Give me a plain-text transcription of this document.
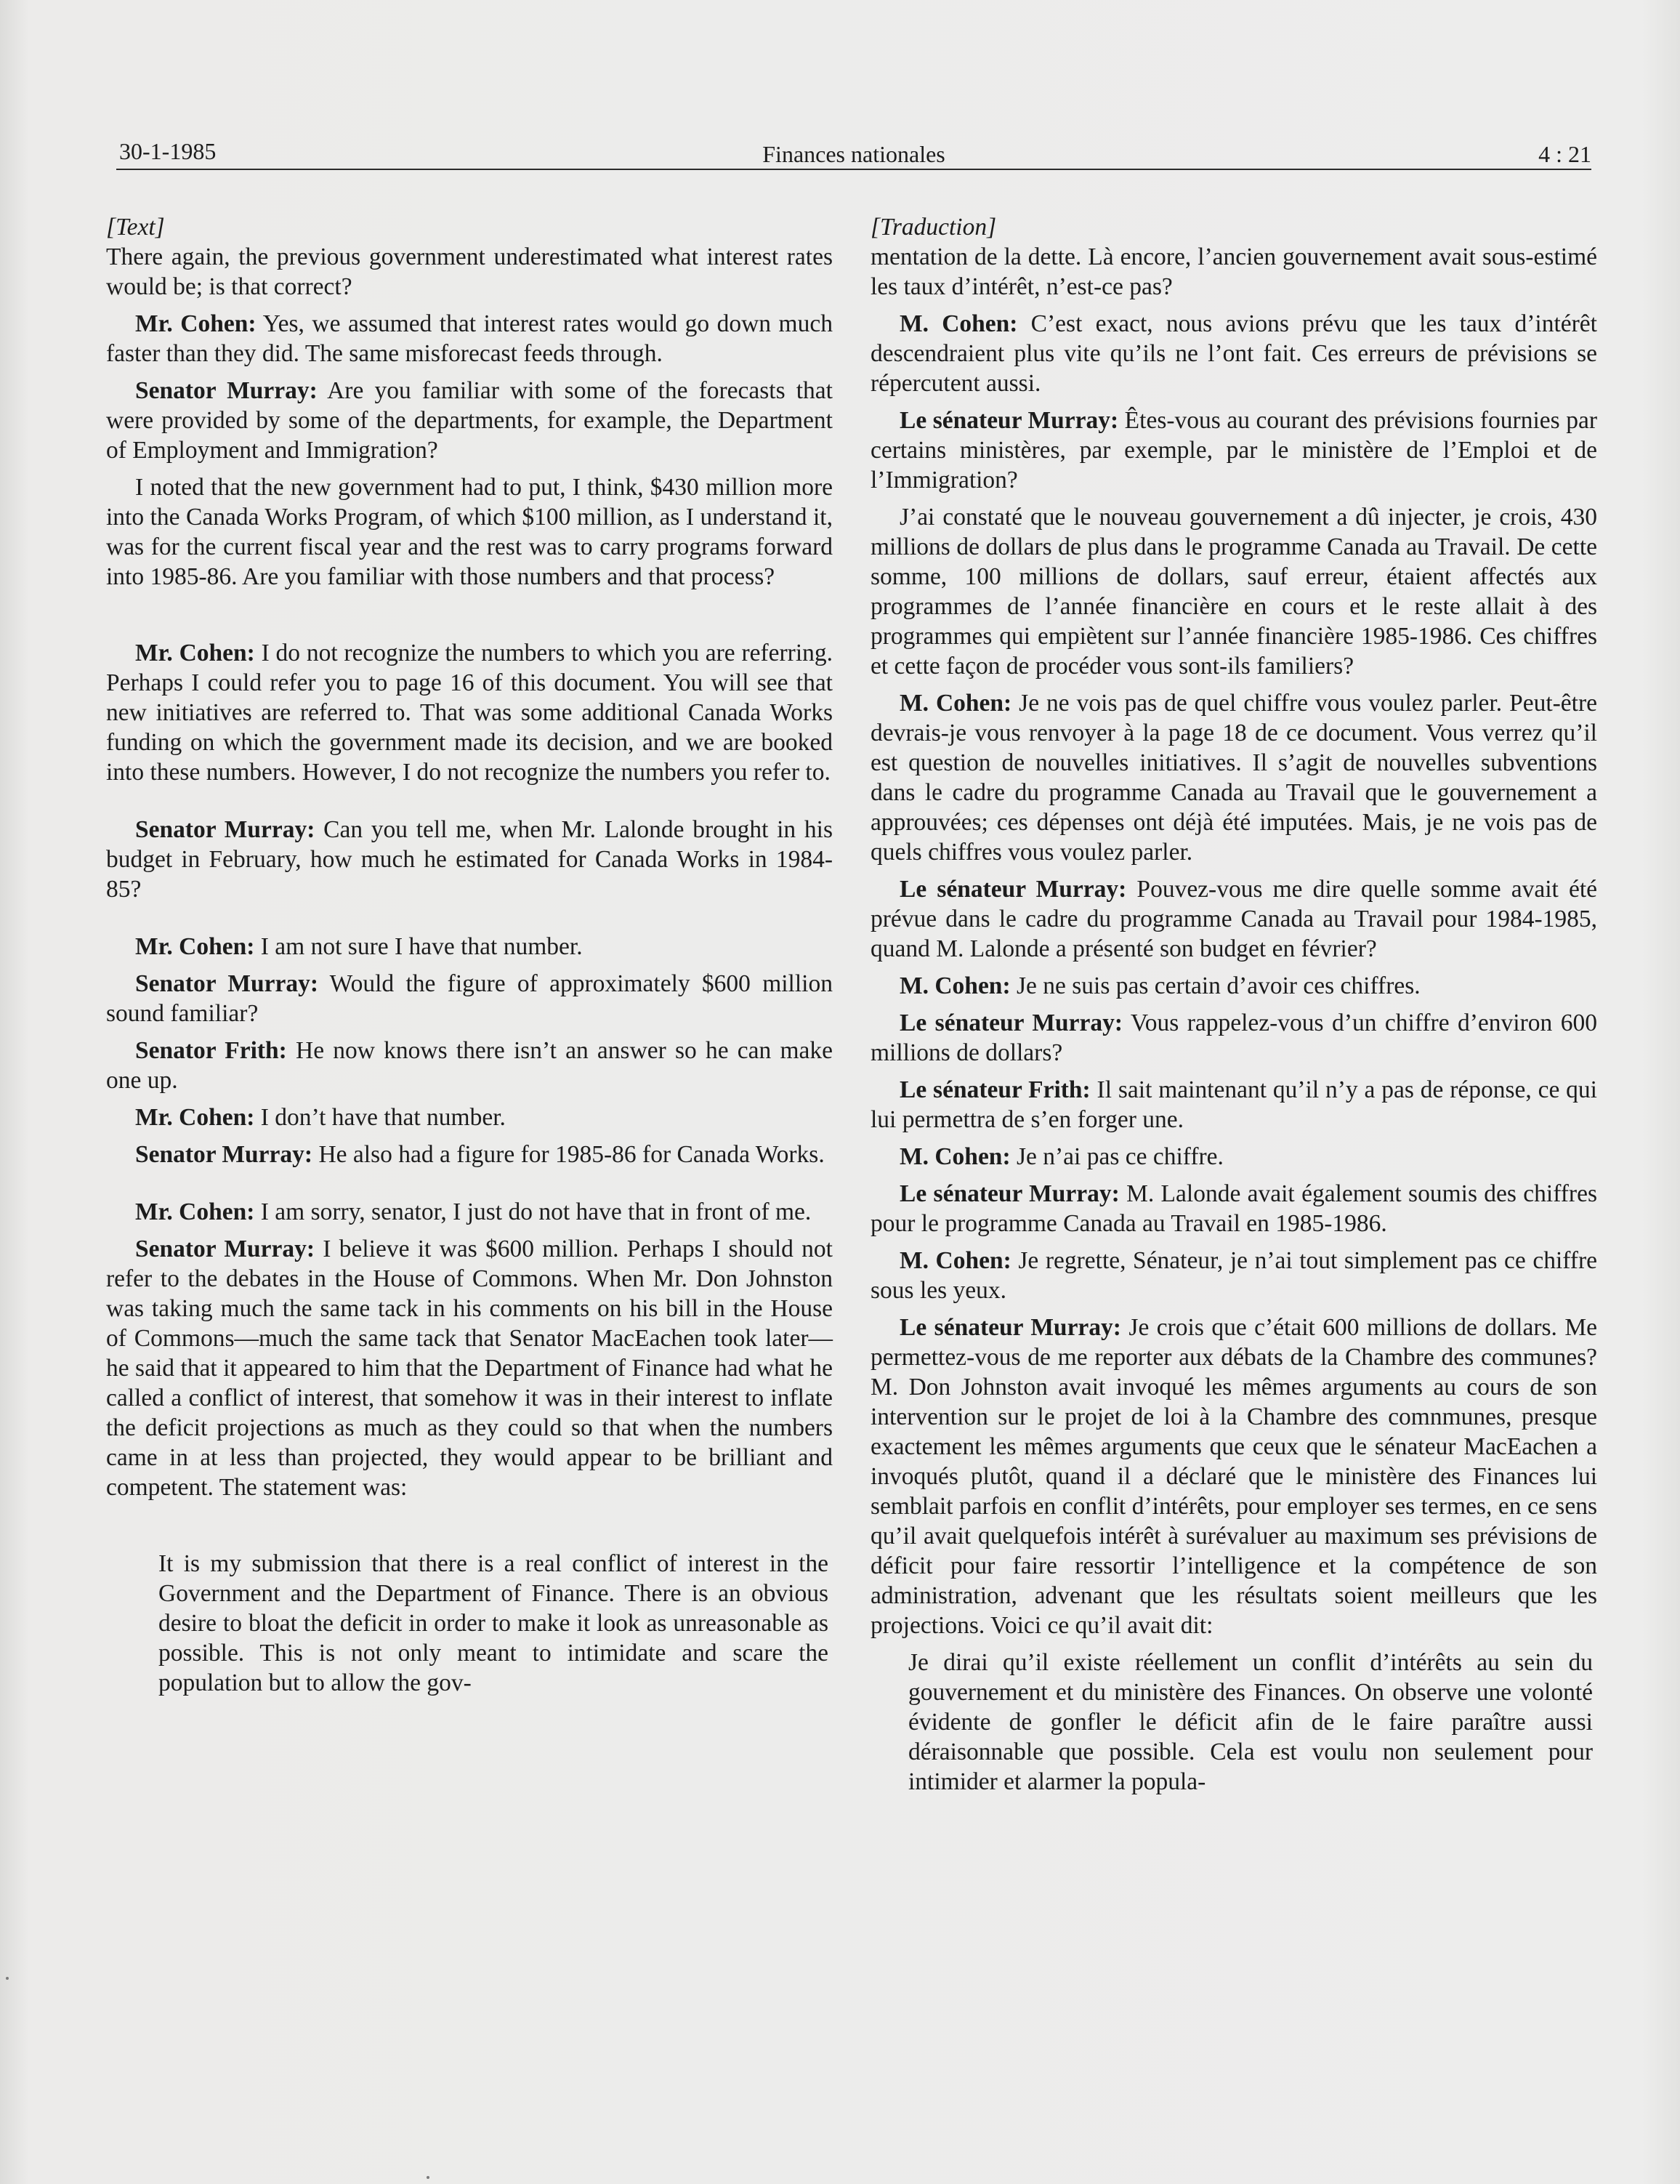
30-1-1985	Finances nationales	4 : 21

[Text]

There again, the previous government underestimated what interest rates would be; is that correct?

Mr. Cohen: Yes, we assumed that interest rates would go down much faster than they did. The same misforecast feeds through.

Senator Murray: Are you familiar with some of the forecasts that were provided by some of the departments, for example, the Department of Employment and Immigration?

I noted that the new government had to put, I think, $430 million more into the Canada Works Program, of which $100 million, as I understand it, was for the current fiscal year and the rest was to carry programs forward into 1985-86. Are you familiar with those numbers and that process?

Mr. Cohen: I do not recognize the numbers to which you are referring. Perhaps I could refer you to page 16 of this document. You will see that new initiatives are referred to. That was some additional Canada Works funding on which the government made its decision, and we are booked into these numbers. However, I do not recognize the numbers you refer to.

Senator Murray: Can you tell me, when Mr. Lalonde brought in his budget in February, how much he estimated for Canada Works in 1984-85?

Mr. Cohen: I am not sure I have that number.

Senator Murray: Would the figure of approximately $600 million sound familiar?

Senator Frith: He now knows there isn’t an answer so he can make one up.

Mr. Cohen: I don’t have that number.

Senator Murray: He also had a figure for 1985-86 for Canada Works.

Mr. Cohen: I am sorry, senator, I just do not have that in front of me.

Senator Murray: I believe it was $600 million. Perhaps I should not refer to the debates in the House of Commons. When Mr. Don Johnston was taking much the same tack in his comments on his bill in the House of Commons—much the same tack that Senator MacEachen took later—he said that it appeared to him that the Department of Finance had what he called a conflict of interest, that somehow it was in their interest to inflate the deficit projections as much as they could so that when the numbers came in at less than projected, they would appear to be brilliant and competent. The statement was:

It is my submission that there is a real conflict of interest in the Government and the Department of Finance. There is an obvious desire to bloat the deficit in order to make it look as unreasonable as possible. This is not only meant to intimidate and scare the population but to allow the gov-

[Traduction]

mentation de la dette. Là encore, l’ancien gouvernement avait sous-estimé les taux d’intérêt, n’est-ce pas?

M. Cohen: C’est exact, nous avions prévu que les taux d’intérêt descendraient plus vite qu’ils ne l’ont fait. Ces erreurs de prévisions se répercutent aussi.

Le sénateur Murray: Êtes-vous au courant des prévisions fournies par certains ministères, par exemple, par le ministère de l’Emploi et de l’Immigration?

J’ai constaté que le nouveau gouvernement a dû injecter, je crois, 430 millions de dollars de plus dans le programme Canada au Travail. De cette somme, 100 millions de dollars, sauf erreur, étaient affectés aux programmes de l’année financière en cours et le reste allait à des programmes qui empiètent sur l’année financière 1985-1986. Ces chiffres et cette façon de procéder vous sont-ils familiers?

M. Cohen: Je ne vois pas de quel chiffre vous voulez parler. Peut-être devrais-je vous renvoyer à la page 18 de ce document. Vous verrez qu’il est question de nouvelles initiatives. Il s’agit de nouvelles subventions dans le cadre du programme Canada au Travail que le gouvernement a approuvées; ces dépenses ont déjà été imputées. Mais, je ne vois pas de quels chiffres vous voulez parler.

Le sénateur Murray: Pouvez-vous me dire quelle somme avait été prévue dans le cadre du programme Canada au Travail pour 1984-1985, quand M. Lalonde a présenté son budget en février?

M. Cohen: Je ne suis pas certain d’avoir ces chiffres.

Le sénateur Murray: Vous rappelez-vous d’un chiffre d’environ 600 millions de dollars?

Le sénateur Frith: Il sait maintenant qu’il n’y a pas de réponse, ce qui lui permettra de s’en forger une.

M. Cohen: Je n’ai pas ce chiffre.

Le sénateur Murray: M. Lalonde avait également soumis des chiffres pour le programme Canada au Travail en 1985-1986.

M. Cohen: Je regrette, Sénateur, je n’ai tout simplement pas ce chiffre sous les yeux.

Le sénateur Murray: Je crois que c’était 600 millions de dollars. Me permettez-vous de me reporter aux débats de la Chambre des communes? M. Don Johnston avait invoqué les mêmes arguments au cours de son intervention sur le projet de loi à la Chambre des comnmunes, presque exactement les mêmes arguments que ceux que le sénateur MacEachen a invoqués plutôt, quand il a déclaré que le ministère des Finances lui semblait parfois en conflit d’intérêts, pour employer ses termes, en ce sens qu’il avait quelquefois intérêt à surévaluer au maximum ses prévisions de déficit pour faire ressortir l’intelligence et la compétence de son administration, advenant que les résultats soient meilleurs que les projections. Voici ce qu’il avait dit:

Je dirai qu’il existe réellement un conflit d’intérêts au sein du gouvernement et du ministère des Finances. On observe une volonté évidente de gonfler le déficit afin de le faire paraître aussi déraisonnable que possible. Cela est voulu non seulement pour intimider et alarmer la popula-
